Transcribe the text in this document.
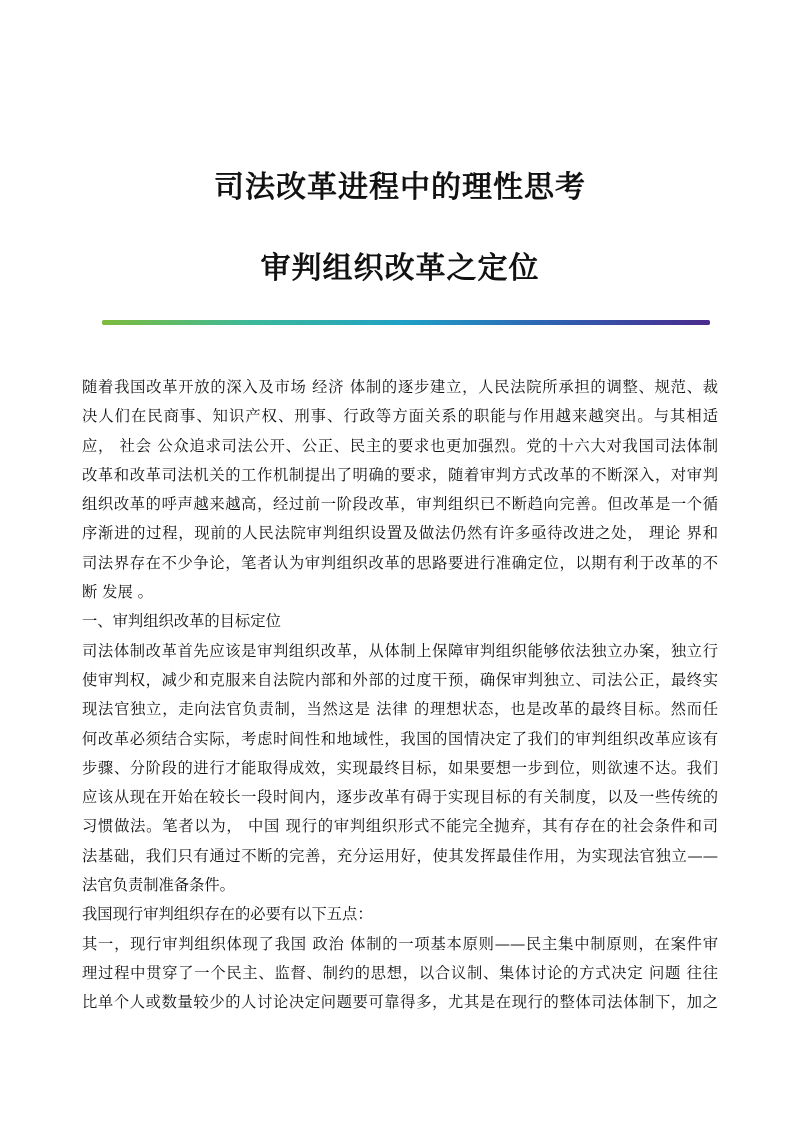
司法改革进程中的理性思考
审判组织改革之定位
随着我国改革开放的深入及市场 经济 体制的逐步建立，人民法院所承担的调整、规范、裁
决人们在民商事、知识产权、刑事、行政等方面关系的职能与作用越来越突出。与其相适
应， 社会 公众追求司法公开、公正、民主的要求也更加强烈。党的十六大对我国司法体制
改革和改革司法机关的工作机制提出了明确的要求，随着审判方式改革的不断深入，对审判
组织改革的呼声越来越高，经过前一阶段改革，审判组织已不断趋向完善。但改革是一个循
序渐进的过程，现前的人民法院审判组织设置及做法仍然有许多亟待改进之处， 理论 界和
司法界存在不少争论，笔者认为审判组织改革的思路要进行准确定位，以期有利于改革的不
断 发展 。
一、审判组织改革的目标定位
司法体制改革首先应该是审判组织改革，从体制上保障审判组织能够依法独立办案，独立行
使审判权，减少和克服来自法院内部和外部的过度干预，确保审判独立、司法公正，最终实
现法官独立，走向法官负责制，当然这是 法律 的理想状态，也是改革的最终目标。然而任
何改革必须结合实际，考虑时间性和地域性，我国的国情决定了我们的审判组织改革应该有
步骤、分阶段的进行才能取得成效，实现最终目标，如果要想一步到位，则欲速不达。我们
应该从现在开始在较长一段时间内，逐步改革有碍于实现目标的有关制度，以及一些传统的
习惯做法。笔者以为， 中国 现行的审判组织形式不能完全抛弃，其有存在的社会条件和司
法基础，我们只有通过不断的完善，充分运用好，使其发挥最佳作用，为实现法官独立——
法官负责制准备条件。
我国现行审判组织存在的必要有以下五点：
其一，现行审判组织体现了我国 政治 体制的一项基本原则——民主集中制原则，在案件审
理过程中贯穿了一个民主、监督、制约的思想，以合议制、集体讨论的方式决定 问题 往往
比单个人或数量较少的人讨论决定问题要可靠得多，尤其是在现行的整体司法体制下，加之
